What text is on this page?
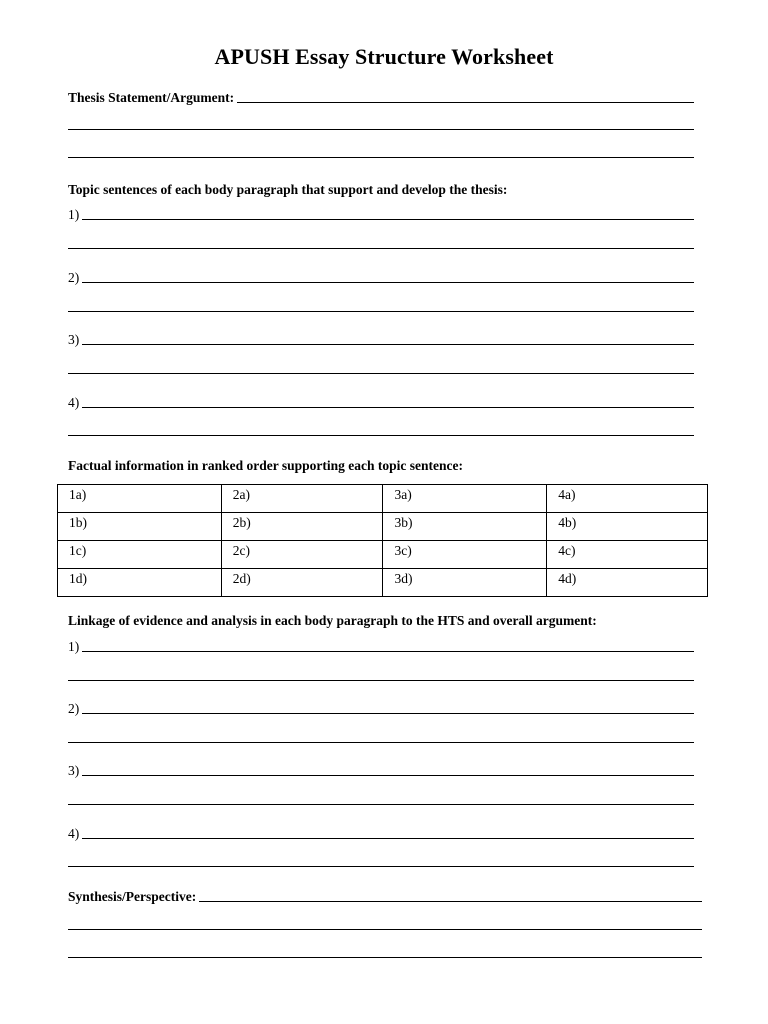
APUSH Essay Structure Worksheet
Thesis Statement/Argument:
Topic sentences of each body paragraph that support and develop the thesis:
1)
2)
3)
4)
Factual information in ranked order supporting each topic sentence:
1a)	2a)	3a)	4a)
1b)	2b)	3b)	4b)
1c)	2c)	3c)	4c)
1d)	2d)	3d)	4d)
Linkage of evidence and analysis in each body paragraph to the HTS and overall argument:
1)
2)
3)
4)
Synthesis/Perspective:
